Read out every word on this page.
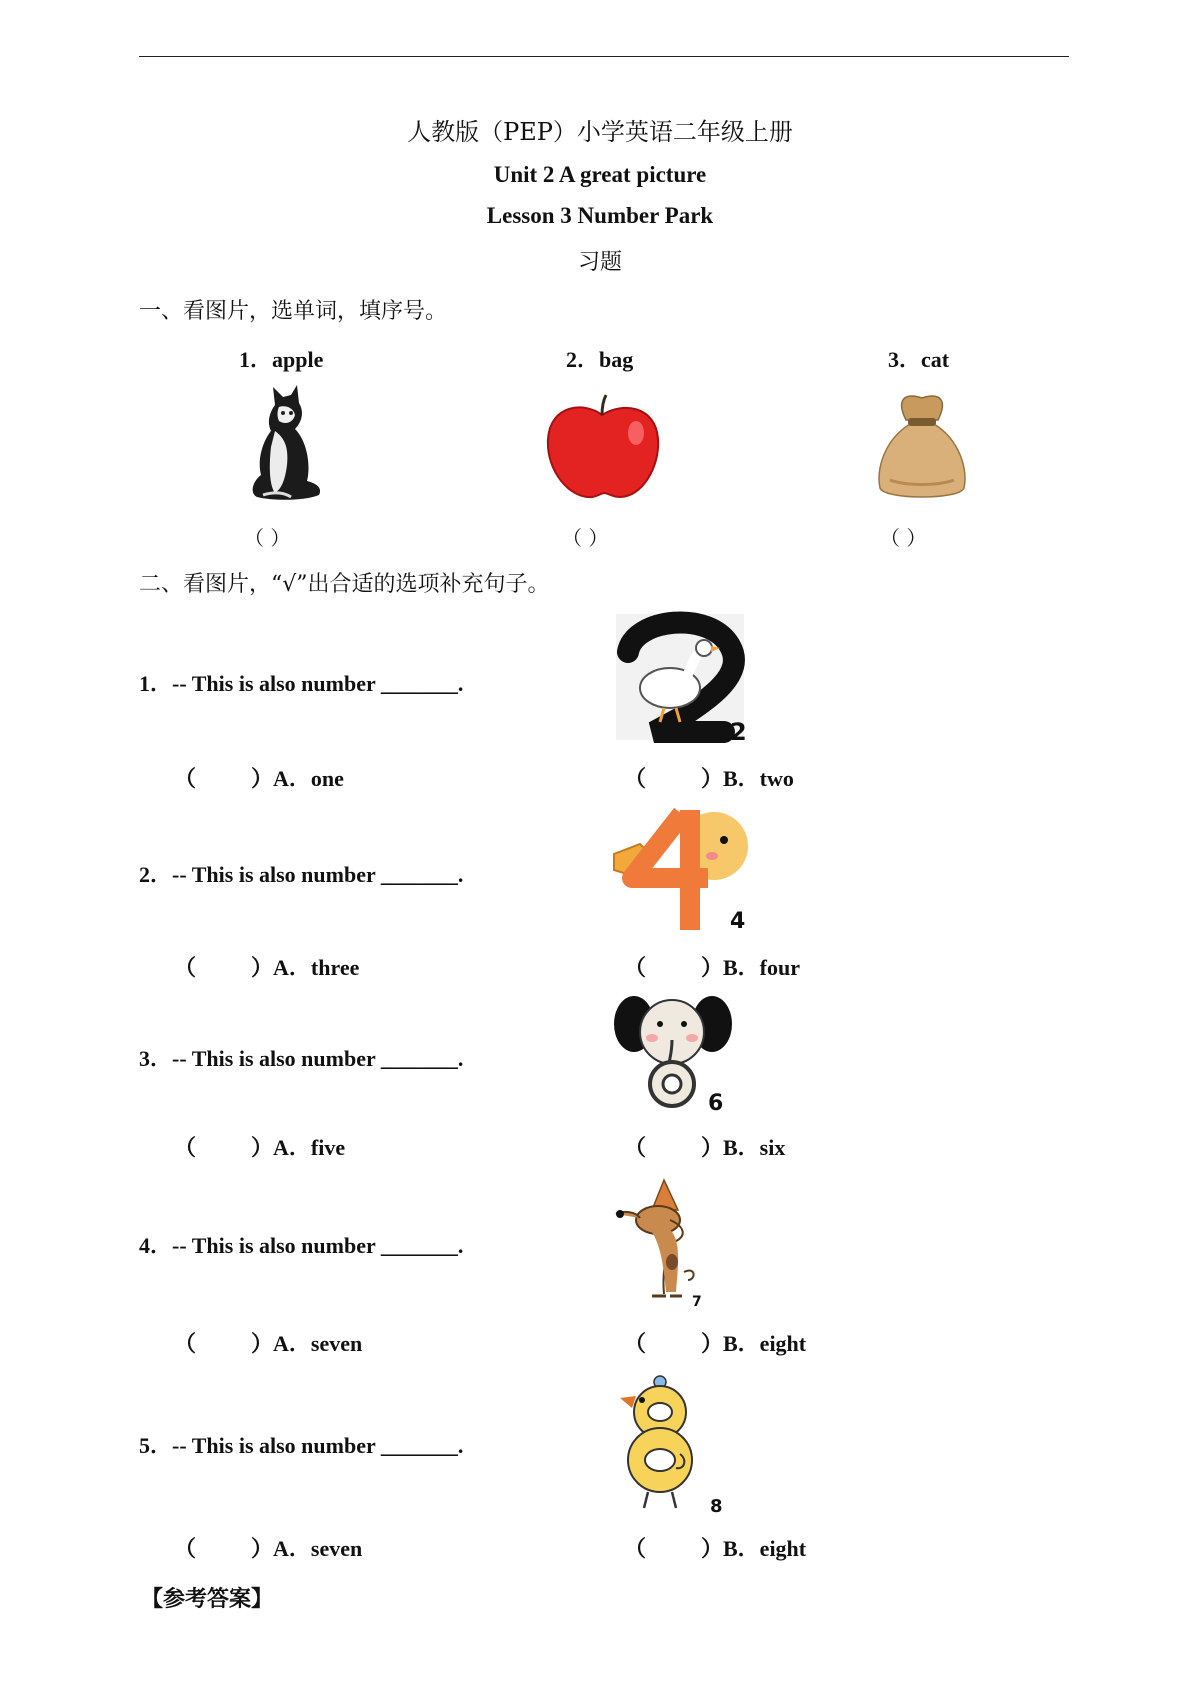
人教版（PEP）小学英语二年级上册
Unit 2 A great picture
Lesson 3 Number Park
习题
一、看图片，选单词，填序号。
1．apple	2．bag	3．cat
（ ）	（ ）	（ ）
二、看图片，“√”出合适的选项补充句子。
1．-- This is also number _______.
2
（          ）A．one	（          ）B．two
2．-- This is also number _______.
4
（          ）A．three	（          ）B．four
3．-- This is also number _______.
6
（          ）A．five	（          ）B．six
4．-- This is also number _______.
7
（          ）A．seven	（          ）B．eight
5．-- This is also number _______.
8
（          ）A．seven	（          ）B．eight
【参考答案】
